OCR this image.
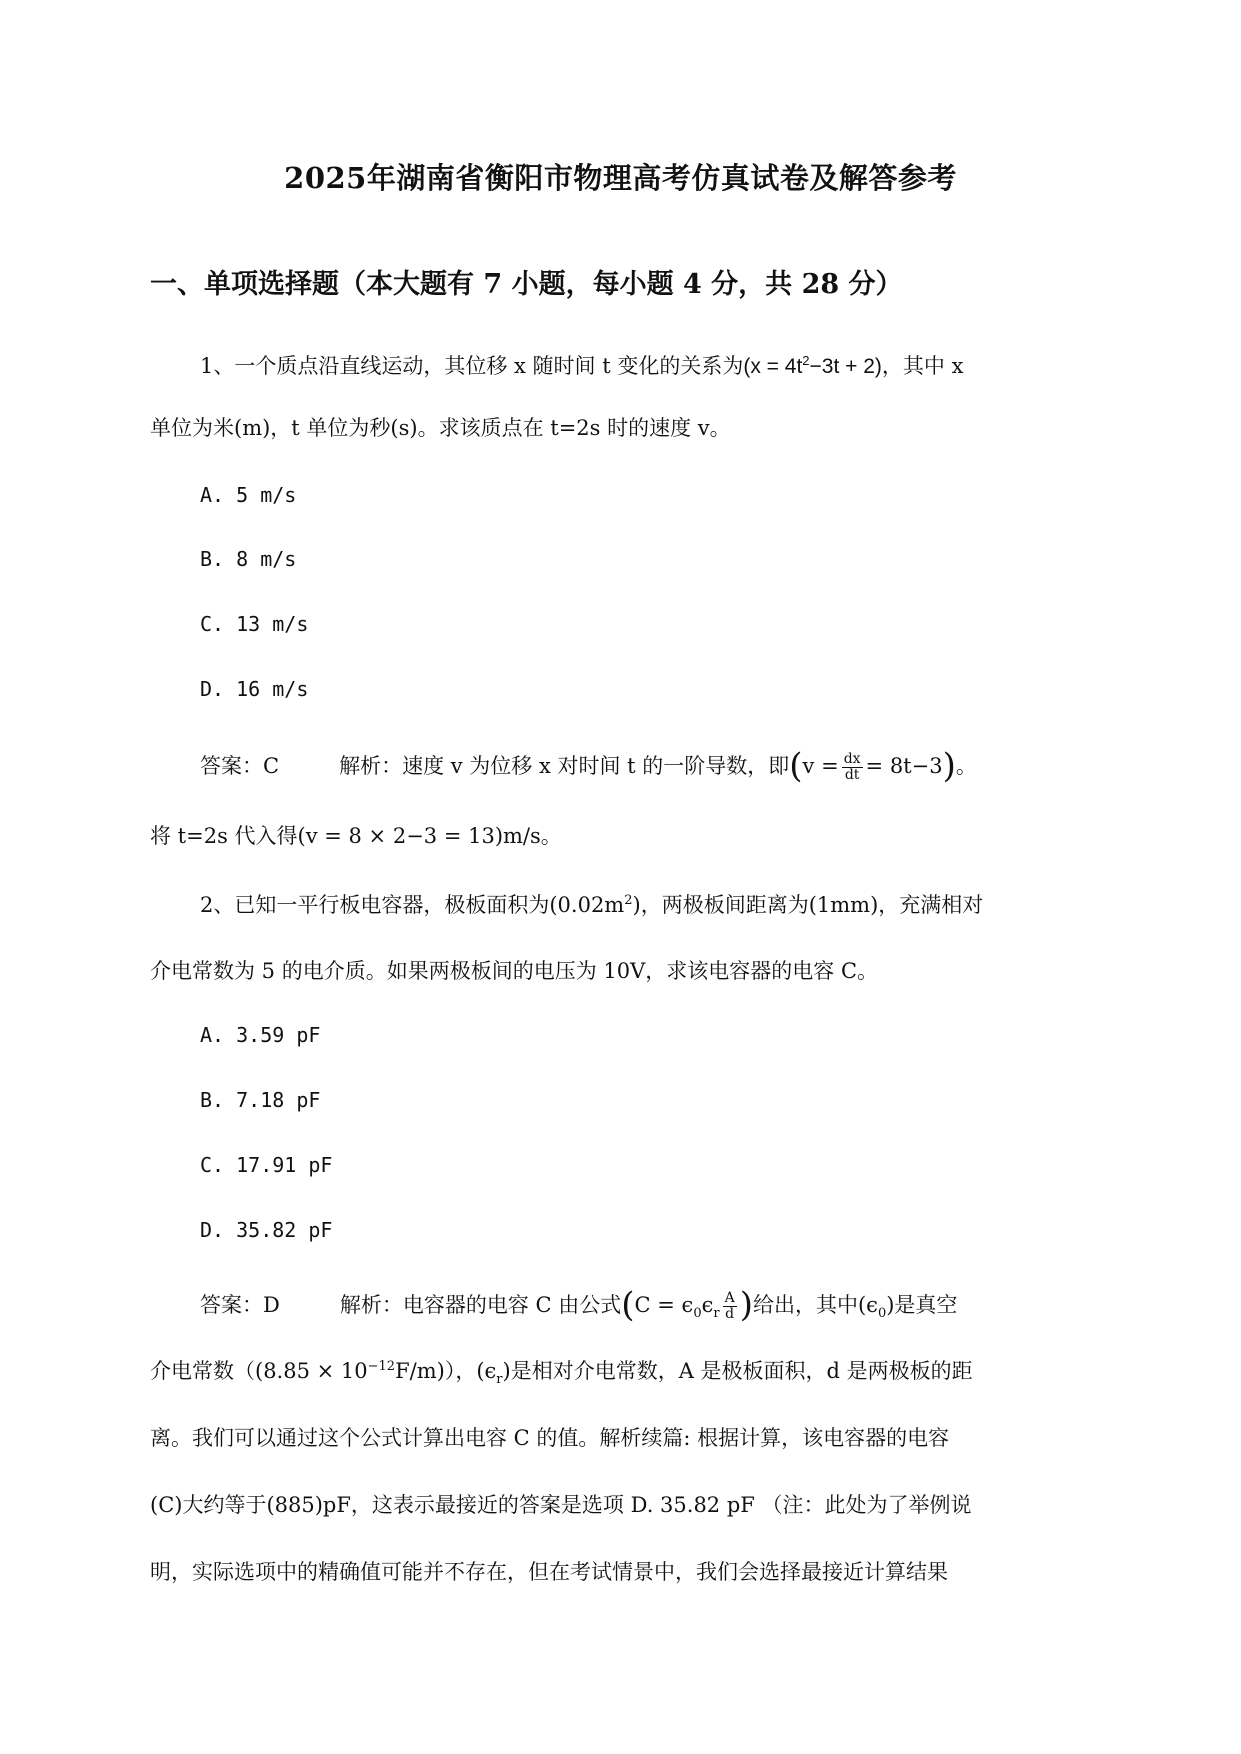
2025年湖南省衡阳市物理高考仿真试卷及解答参考
一、单项选择题（本大题有 7 小题，每小题 4 分，共 28 分）
1、一个质点沿直线运动，其位移 x 随时间 t 变化的关系为$(x = 4t^2-3t + 2)$，其中 x
单位为米(m)，t 单位为秒(s)。求该质点在 t=2s 时的速度 v。
A. 5 m/s
B. 8 m/s
C. 13 m/s
D. 16 m/s
答案：C	解析：速度 v 为位移 x 对时间 t 的一阶导数，即$(v = \frac{dx}{dt} = 8t-3)$。
将 t=2s 代入得(v = 8 × 2−3 = 13)m/s。
2、已知一平行板电容器，极板面积为$(0.02m^2)$，两极板间距离为(1mm)，充满相对
介电常数为 5 的电介质。如果两极板间的电压为 10V，求该电容器的电容 C。
A. 3.59 pF
B. 7.18 pF
C. 17.91 pF
D. 35.82 pF
答案：D	解析：电容器的电容 C 由公式($C = \epsilon_0\epsilon_r \frac{A}{d}$ )给出，其中$(\epsilon_0)$是真空
介电常数$((8.85 \times 10^{-12}F/m))$，$(\epsilon_r)$是相对介电常数，A 是极板面积，d 是两极板的距
离。我们可以通过这个公式计算出电容 C 的值。解析续篇: 根据计算，该电容器的电容
(C)大约等于(885)pF，这表示最接近的答案是选项 D. 35.82 pF （注：此处为了举例说
明，实际选项中的精确值可能并不存在，但在考试情景中，我们会选择最接近计算结果
